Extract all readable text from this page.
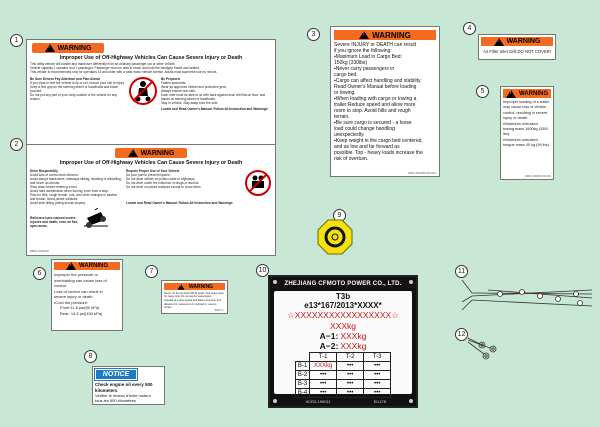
1
2
3
4
5
6	7
8
9
10	11
12
!
WARNING
Improper Use of Off-Highway Vehicles Can Cause Severe Injury or Death
This utility vehicle will handle and maneuver differently from an ordinary passenger car or other vehicle.
Vehicle capacity 1 operator and 1 passenger. Passenger must be able to reach and hold the handgrip inside and seated.
This vehicle is recommended only for operators 16 and older with a valid motor vehicle license. Adults must supervise use by minors.
Be Sure Drivers Pay Attention and Plan Ahead
If you think or feel the vehicle is tip or roll, reduce your risk to injury.
Keep a firm grip on the steering wheel or handholds and brace yourself.
Do not put any part of your body outside of the vehicle for any reason.
Be Prepared
Fasten seat belts.
Wear an approved helmet and protective gear.
Always ensure rear side.
Each rider must be able to sit with back against seat, feet flat on floor, and hands on steering wheel or handholds.
Stay in vehicle. Stay away from the side.
Locate and Read Owner's Manual. Follow All Instruction and Warnings
!
WARNING
Improper Use of Off-Highway Vehicles Can Cause Severe Injury or Death
Drive Responsibly
Avoid loss of control and rollovers:
Avoid abrupt maneuvers, sideways sliding, skidding or fishtailing, and never do donuts.
Slow down before entering a turn.
Avoid hard acceleration when turning, even from a stop.
Plan for hills, rough terrain, ruts, and other changes in traction and terrain. Avoid paved surfaces.
Avoid side-hilling (riding across slopes).
Rollovers have caused severe injuries and death, even on flat, open areas.
Require Proper Use of Your Vehicle
Do your part to prevent injuries:
Do not drive vehicle on public roads or highways.
Do not drive under the influence of drugs or alcohol.
Do not drive on paved surfaces except to cross them.
Locate and Read Owner's Manual. Follow All Instruction and Warnings
5BRV-190049
!
WARNING
Severe INJURY or DEATH can result
if you ignore the following:
▪Maximum Load in Cargo Bed:
150kg (330lbs)
▪Never carry passengers in
cargo bed.
▪Cargo can affect handling and stability.
Read Owner's Manual before loading
or towing.
▪When loading with cargo or towing a
trailer:Reduce speed and allow more
room to stop. Avoid hills and rough
terrain.
▪Be sure cargo is secured - a loose
load could change handling
unexpectedly.
▪Keep weight in the cargo bed centered,
and as low and far forward as
possible. Top - heavy loads increase the
risk of overturn.
9000-190030 00-001
!
WARNING
Air Filter Inlet Grill,DO NOT COVER!
!
WARNING
Improper loading of a trailer
may cause loss of vehicle
control, resulting in severe
injury or death.
▪Maximum unbraked
towing mass 1600kg (3300 lbs).
▪Maximum unbraked
tongue mass 45 kg (99 lbs).
9000-190060 00-001
!
WARNING
Improper tire pressure or
overloading can cause loss of
control.
Loss of control can result in
severe injury or death.
•Cold tire pressure:
Front:11.6 psi(80 kPa)
Rear: 14.5 psi(100 kPa)
!
WARNING
Never cut the tie down (BTF) seats. Two seats used for cargo only. Do not use for passengers.
Operate at a slow speed and allow extra time and distance for maneuvers on inclined or uneven terrain.
9000-1...
NOTICE
Check engine oil every 500
kilometers
Vérifier le niveau d'huile moteur
tous les 500 kilomètres
ZHEJIANG CFMOTO POWER CO., LTD.
T3b
e13*167/2013*XXXX*
☆XXXXXXXXXXXXXXXXX☆
XXXkg
A−1: XXXkg
A−2: XXXkg
	T-1	T-2	T-3
B-1	XXXkg	•••	•••
B-2	•••	•••	•••
B-3	•••	•••	•••
B-4	•••	•••	•••
9CR3-190011	EU178
